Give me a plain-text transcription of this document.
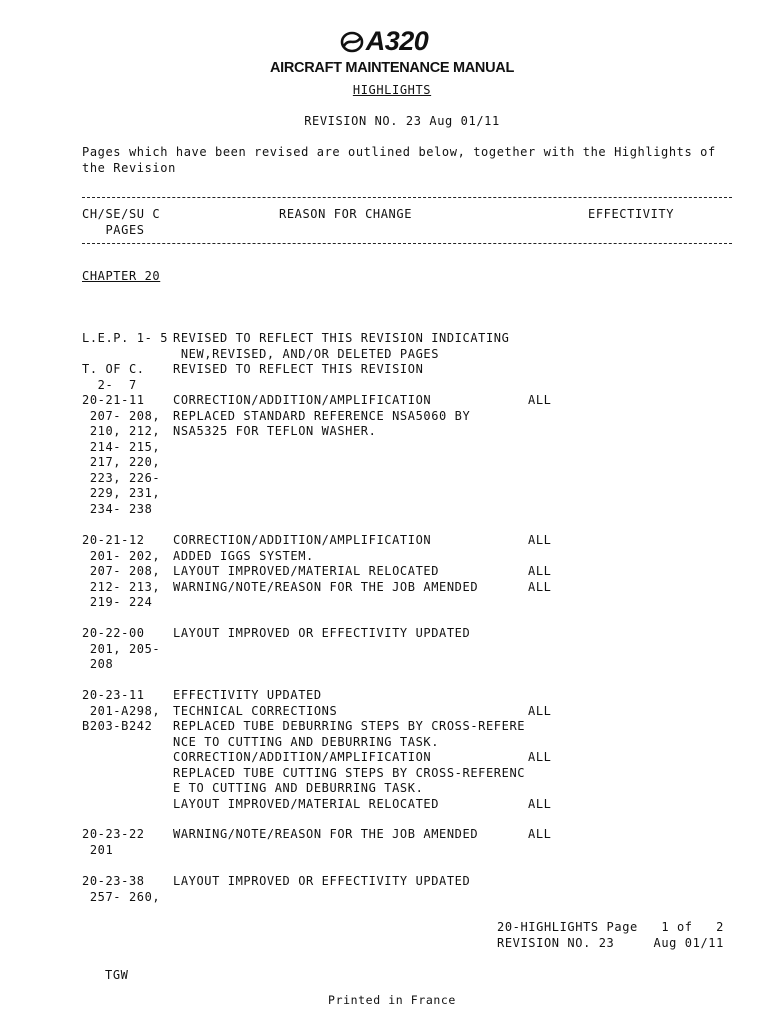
A320
AIRCRAFT MAINTENANCE MANUAL
HIGHLIGHTS
REVISION NO. 23 Aug 01/11
Pages which have been revised are outlined below, together with the Highlights of the Revision
CH/SE/SU C
PAGES
REASON FOR CHANGE	EFFECTIVITY
CHAPTER 20
L.E.P. 1- 5 REVISED TO REFLECT THIS REVISION INDICATING
NEW,REVISED, AND/OR DELETED PAGES
T. OF C.
2-  7
REVISED TO REFLECT THIS REVISION
20-21-11
207- 208,
210, 212,
214- 215,
217, 220,
223, 226-
229, 231,
234- 238
CORRECTION/ADDITION/AMPLIFICATION
REPLACED STANDARD REFERENCE NSA5060 BY
NSA5325 FOR TEFLON WASHER.
ALL
20-21-12
201- 202,
207- 208,
212- 213,
219- 224
CORRECTION/ADDITION/AMPLIFICATION
ADDED IGGS SYSTEM.
LAYOUT IMPROVED/MATERIAL RELOCATED
WARNING/NOTE/REASON FOR THE JOB AMENDED
ALL

ALL
ALL
20-22-00
201, 205-
208
LAYOUT IMPROVED OR EFFECTIVITY UPDATED
20-23-11
201-A298,
B203-B242
EFFECTIVITY UPDATED
TECHNICAL CORRECTIONS
REPLACED TUBE DEBURRING STEPS BY CROSS-REFERE
NCE TO CUTTING AND DEBURRING TASK.
CORRECTION/ADDITION/AMPLIFICATION
REPLACED TUBE CUTTING STEPS BY CROSS-REFERENC
E TO CUTTING AND DEBURRING TASK.
LAYOUT IMPROVED/MATERIAL RELOCATED

ALL

ALL

ALL
20-23-22
201
WARNING/NOTE/REASON FOR THE JOB AMENDED	ALL
20-23-38
257- 260,
LAYOUT IMPROVED OR EFFECTIVITY UPDATED
20-HIGHLIGHTS Page   1 of   2
REVISION NO. 23     Aug 01/11
TGW
Printed in France
